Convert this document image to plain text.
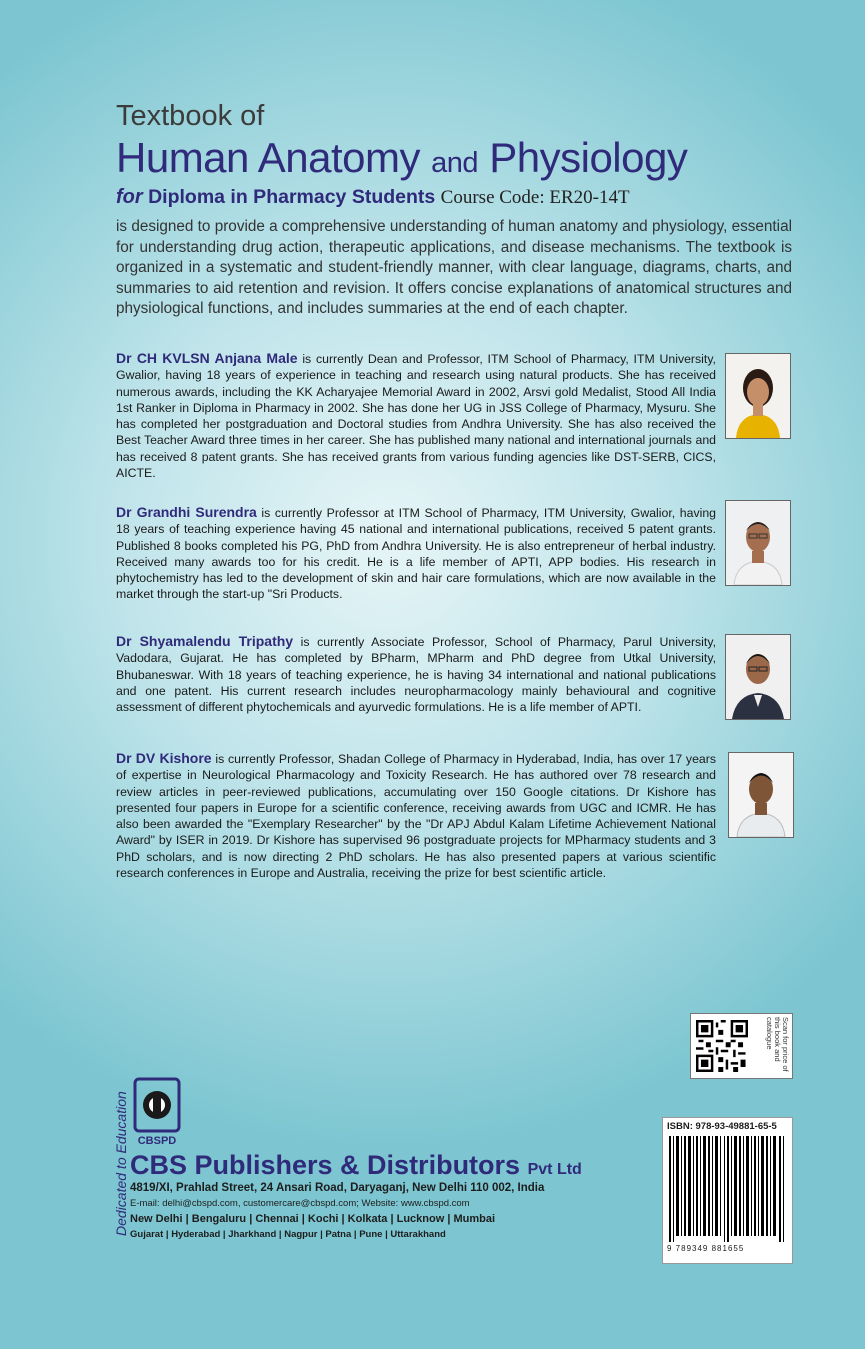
Textbook of
Human Anatomy and Physiology
for Diploma in Pharmacy Students Course Code: ER20-14T

is designed to provide a comprehensive understanding of human anatomy and physiology, essential for understanding drug action, therapeutic applications, and disease mechanisms. The textbook is organized in a systematic and student-friendly manner, with clear language, diagrams, charts, and summaries to aid retention and revision. It offers concise explanations of anatomical structures and physiological functions, and includes summaries at the end of each chapter.

Dr CH KVLSN Anjana Male is currently Dean and Professor, ITM School of Pharmacy, ITM University, Gwalior, having 18 years of experience in teaching and research using natural products. She has received numerous awards, including the KK Acharyajee Memorial Award in 2002, Arsvi gold Medalist, Stood All India 1st Ranker in Diploma in Pharmacy in 2002. She has done her UG in JSS College of Pharmacy, Mysuru. She has completed her postgraduation and Doctoral studies from Andhra University. She has also received the Best Teacher Award three times in her career. She has published many national and international journals and has received 8 patent grants. She has received grants from various funding agencies like DST-SERB, CICS, AICTE.

Dr Grandhi Surendra is currently Professor at ITM School of Pharmacy, ITM University, Gwalior, having 18 years of teaching experience having 45 national and international publications, received 5 patent grants. Published 8 books completed his PG, PhD from Andhra University. He is also entrepreneur of herbal industry. Received many awards too for his credit. He is a life member of APTI, APP bodies. His research in phytochemistry has led to the development of skin and hair care formulations, which are now available in the market through the start-up "Sri Products.

Dr Shyamalendu Tripathy is currently Associate Professor, School of Pharmacy, Parul University, Vadodara, Gujarat. He has completed by BPharm, MPharm and PhD degree from Utkal University, Bhubaneswar. With 18 years of teaching experience, he is having 34 international and national publications and one patent. His current research includes neuropharmacology mainly behavioural and cognitive assessment of different phytochemicals and ayurvedic formulations. He is a life member of APTI.

Dr DV Kishore is currently Professor, Shadan College of Pharmacy in Hyderabad, India, has over 17 years of expertise in Neurological Pharmacology and Toxicity Research. He has authored over 78 research and review articles in peer-reviewed publications, accumulating over 150 Google citations. Dr Kishore has presented four papers in Europe for a scientific conference, receiving awards from UGC and ICMR. He has also been awarded the "Exemplary Researcher" by the "Dr APJ Abdul Kalam Lifetime Achievement National Award" by ISER in 2019. Dr Kishore has supervised 96 postgraduate projects for MPharmacy students and 3 PhD scholars, and is now directing 2 PhD scholars. He has also presented papers at various scientific research conferences in Europe and Australia, receiving the prize for best scientific article.

Scan for price of this book and catalogue
ISBN: 978-93-49881-65-5
9 789349 881655
Dedicated to Education CBSPD
CBS Publishers & Distributors Pvt Ltd
4819/XI, Prahlad Street, 24 Ansari Road, Daryaganj, New Delhi 110 002, India
E-mail: delhi@cbspd.com, customercare@cbspd.com; Website: www.cbspd.com
New Delhi | Bengaluru | Chennai | Kochi | Kolkata | Lucknow | Mumbai
Gujarat | Hyderabad | Jharkhand | Nagpur | Patna | Pune | Uttarakhand
